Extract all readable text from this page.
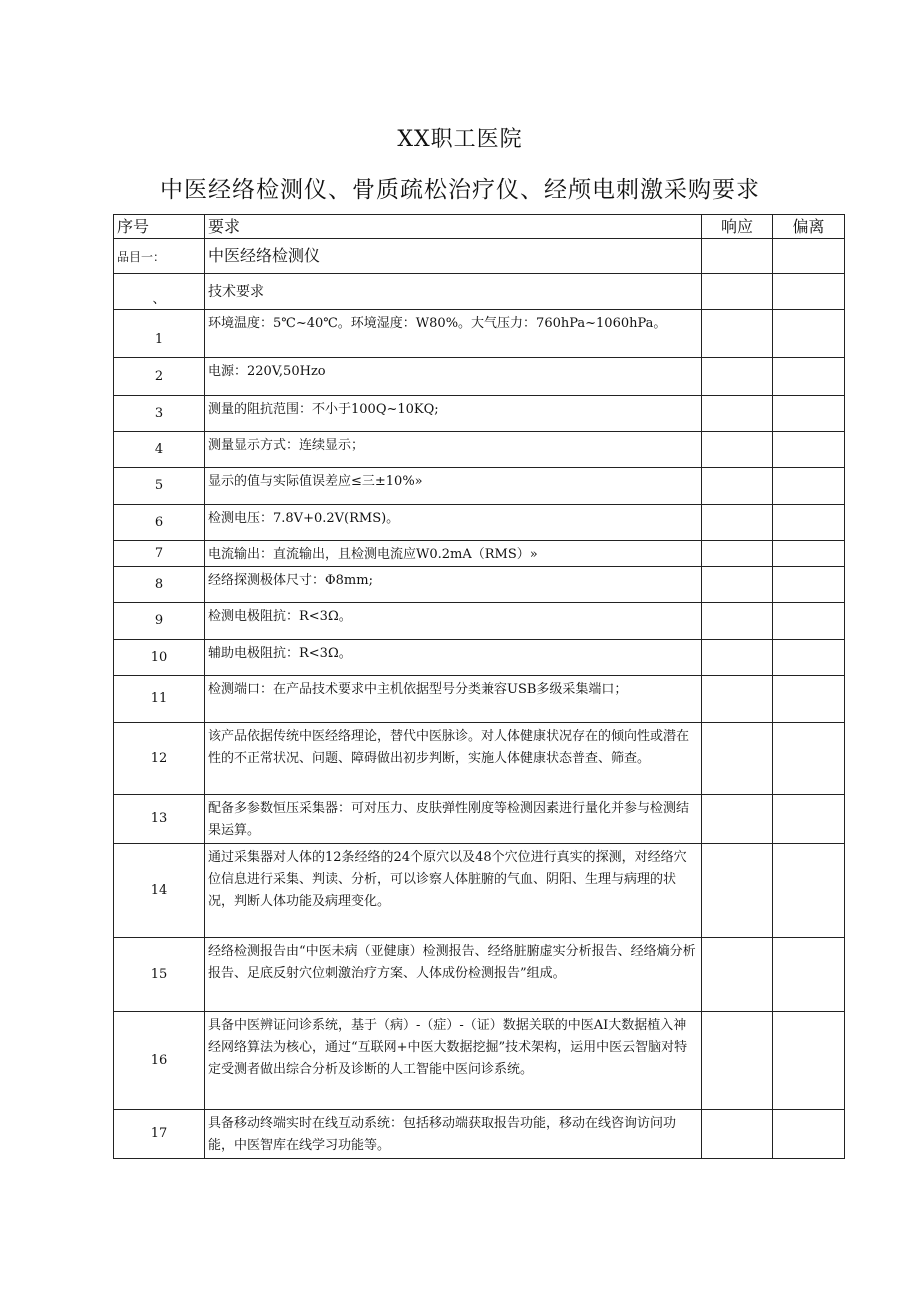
XX职工医院
中医经络检测仪、骨质疏松治疗仪、经颅电刺激采购要求
序号	要求	响应	偏离
品目一：	中医经络检测仪		

、	技术要求		
1	环境温度：5℃~40℃。环境湿度：W80%。大气压力：760hPa~1060hPa。		
2	电源：220V,50Hzo		
3	测量的阻抗范围：不小于100Q~10KQ;		
4	测量显示方式：连续显示；		
5	显示的值与实际值误差应≤三±10%»		
6	检测电压：7.8V+0.2V(RMS)。		
7	电流输出：直流输出，且检测电流应W0.2mA（RMS）»		
8	经络探测极体尺寸：Φ8mm;		
9	检测电极阻抗：R<3Ω。		
10	辅助电极阻抗：R<3Ω。		
11	检测端口：在产品技术要求中主机依据型号分类兼容USB多级采集端口；		
12	该产品依据传统中医经络理论，替代中医脉诊。对人体健康状况存在的倾向性或潜在性的不正常状况、问题、障碍做出初步判断，实施人体健康状态普查、筛查。		
13	配备多参数恒压采集器：可对压力、皮肤弹性刚度等检测因素进行量化并参与检测结果运算。		
14	通过采集器对人体的12条经络的24个原穴以及48个穴位进行真实的探测，对经络穴位信息进行采集、判读、分析，可以诊察人体脏腑的气血、阴阳、生理与病理的状况，判断人体功能及病理变化。		
15	经络检测报告由“中医未病（亚健康）检测报告、经络脏腑虚实分析报告、经络熵分析报告、足底反射穴位刺激治疗方案、人体成份检测报告”组成。		
16	具备中医辨证问诊系统，基于（病）-（症）-（证）数据关联的中医AI大数据植入神经网络算法为核心，通过“互联网+中医大数据挖掘”技术架构，运用中医云智脑对特定受测者做出综合分析及诊断的人工智能中医问诊系统。		
17	具备移动终端实时在线互动系统：包括移动端获取报告功能，移动在线咨询访问功能，中医智库在线学习功能等。		
